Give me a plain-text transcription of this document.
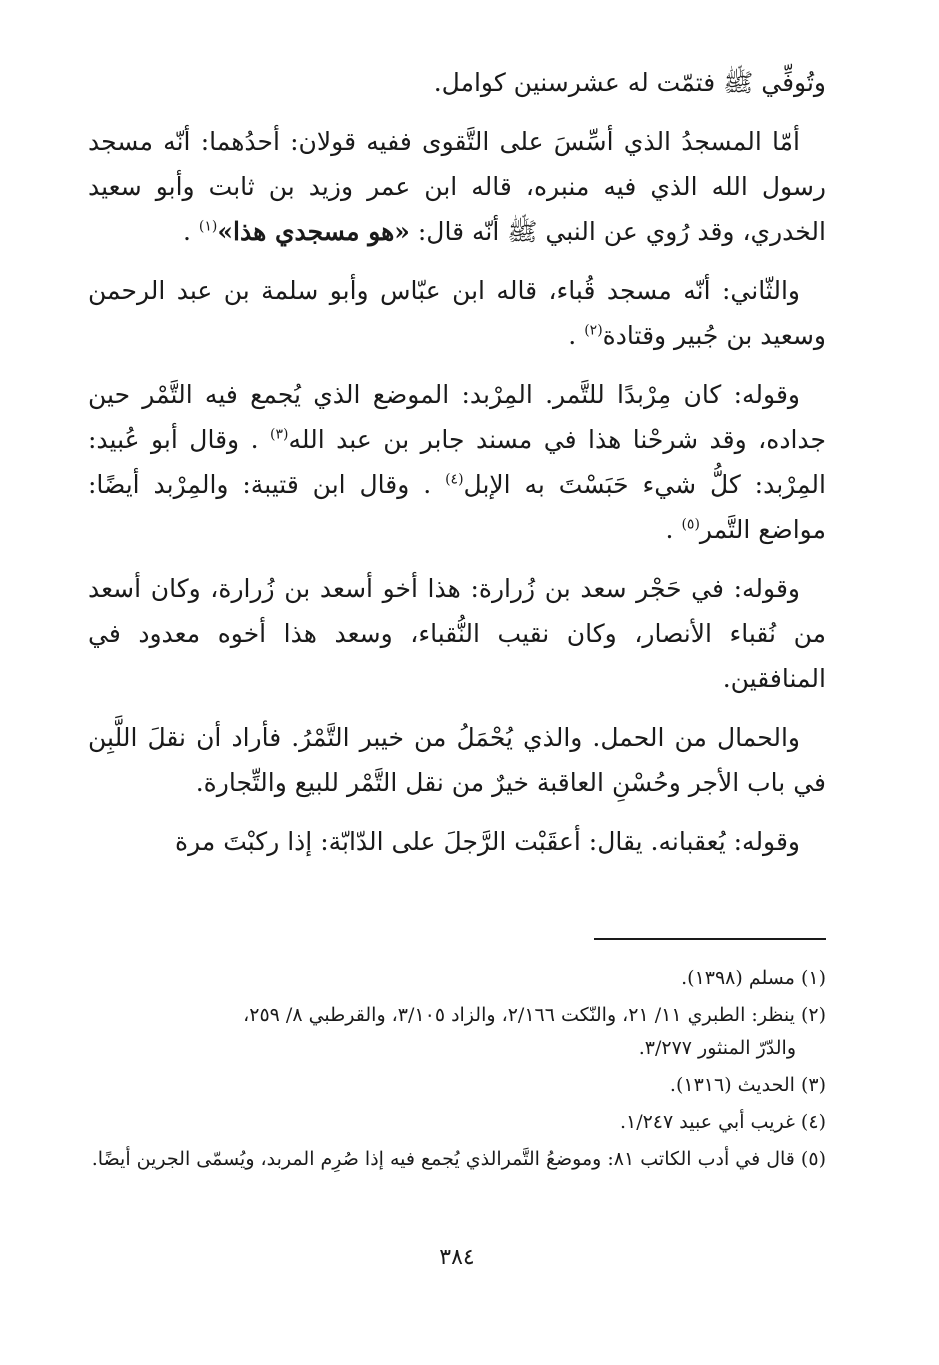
وتُوفِّي ﷺ فتمّت له عشرسنين كوامل.

أمّا المسجدُ الذي أسِّسَ على التَّقوى ففيه قولان: أحدُهما: أنّه مسجد رسول الله الذي فيه منبره، قاله ابن عمر وزيد بن ثابت وأبو سعيد الخدري، وقد رُوي عن النبي ﷺ أنّه قال: «هو مسجدي هذا»$^{(١)}$ .

والثّاني: أنّه مسجد قُباء، قاله ابن عبّاس وأبو سلمة بن عبد الرحمن وسعيد بن جُبير وقتادة$^{(٢)}$ .

وقوله: كان مِرْبدًا للتَّمر. المِرْبد: الموضع الذي يُجمع فيه التَّمْر حين جداده، وقد شرحْنا هذا في مسند جابر بن عبد الله$^{(٣)}$ . وقال أبو عُبيد: المِرْبد: كلُّ شيء حَبَسْتَ به الإبل$^{(٤)}$ . وقال ابن قتيبة: والمِرْبد أيضًا: مواضع التَّمر$^{(٥)}$ .

وقوله: في حَجْر سعد بن زُرارة: هذا أخو أسعد بن زُرارة، وكان أسعد من نُقباء الأنصار، وكان نقيب النُّقباء، وسعد هذا أخوه معدود في المنافقين.

والحمال من الحمل. والذي يُحْمَلُ من خيبر التَّمْرُ. فأراد أن نقلَ اللَّبِن في باب الأجر وحُسْنِ العاقبة خيرٌ من نقل التَّمْر للبيع والتِّجارة.

وقوله: يُعقبانه. يقال: أعقَبْت الرَّجلَ على الدّابّة: إذا ركبْتَ مرة

(١) مسلم (١٣٩٨).

(٢) ينظر: الطبري ١١/ ٢١، والنّكت ٢/١٦٦، والزاد ٣/١٠٥، والقرطبي ٨/ ٢٥٩،
والدّرّ المنثور ٣/٢٧٧.

(٣) الحديث (١٣١٦).

(٤) غريب أبي عبيد ١/٢٤٧.

(٥) قال في أدب الكاتب ٨١: وموضعُ التَّمرالذي يُجمع فيه إذا صُرِم المربد، ويُسمّى الجرين أيضًا.

٣٨٤
